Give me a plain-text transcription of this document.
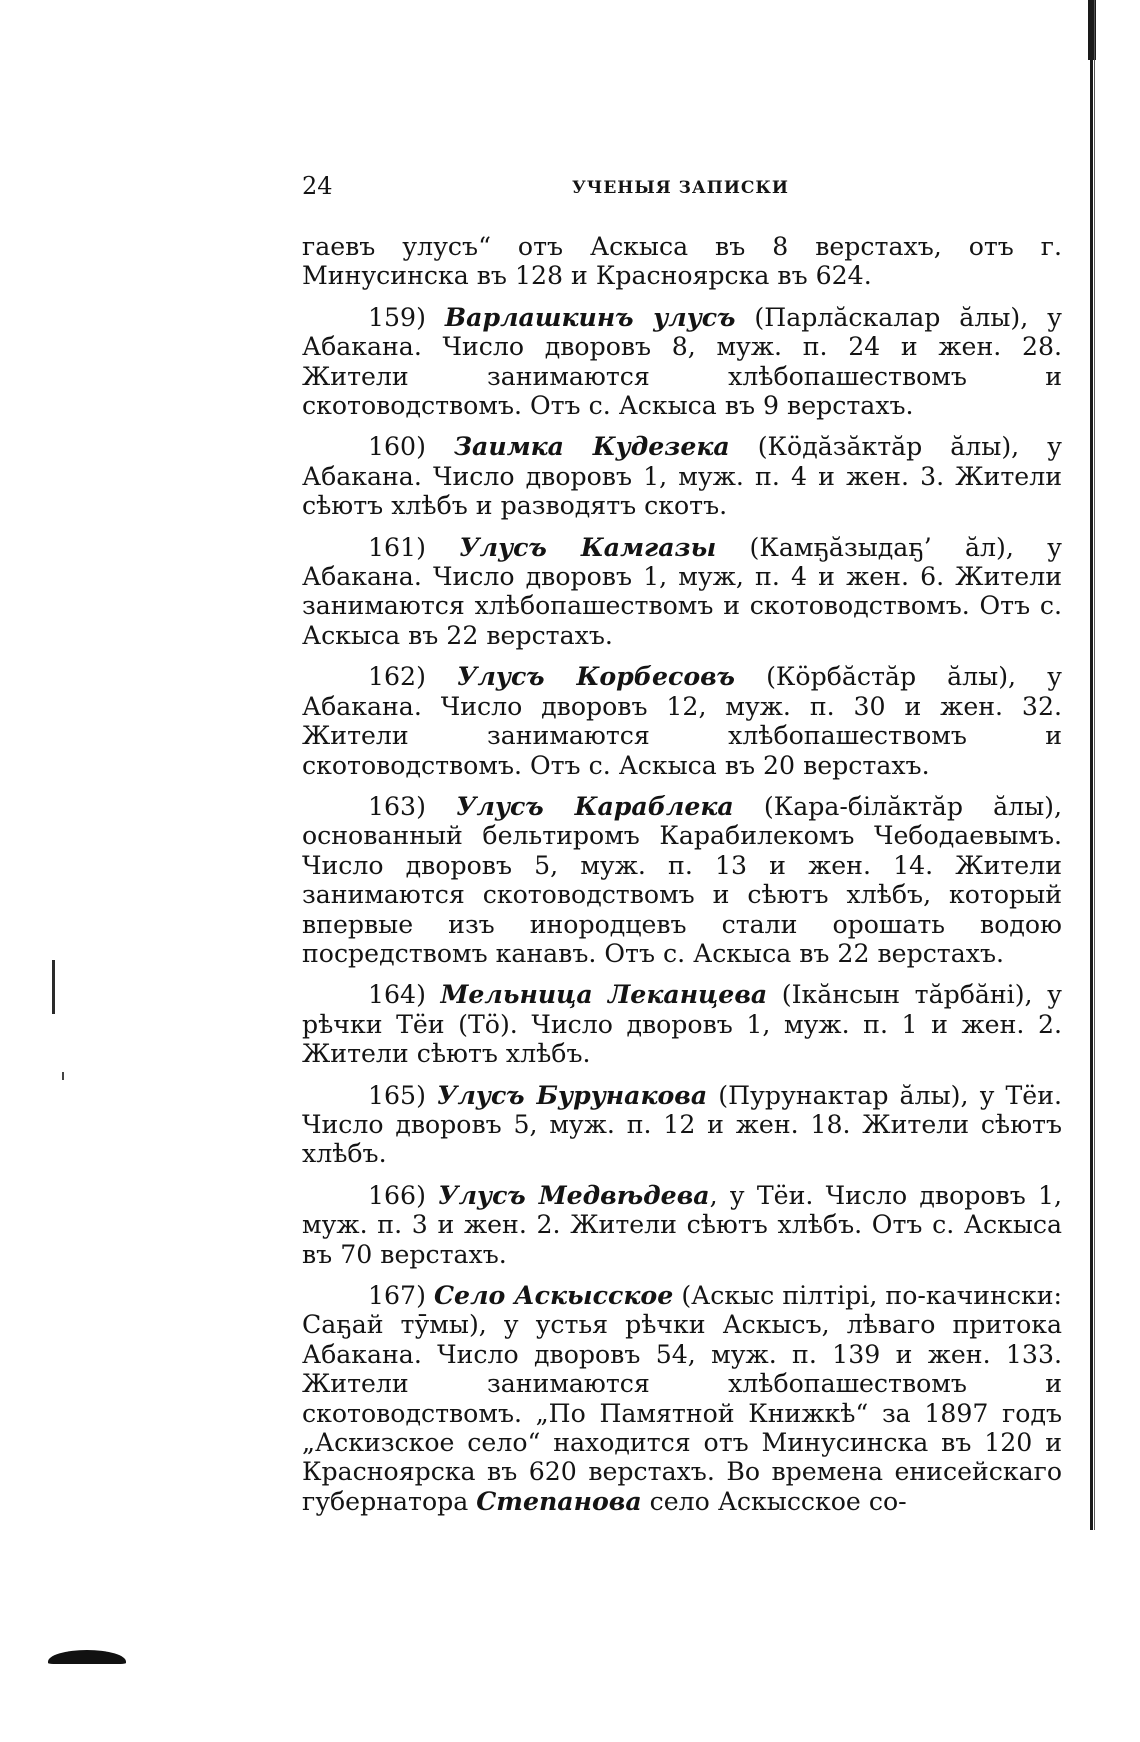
24	УЧЕНЫЯ ЗАПИСКИ

гаевъ улусъ“ отъ Аскыса въ 8 верстахъ, отъ г. Минусинска въ 128 и Красноярска въ 624.

159) Варлашкинъ улусъ (Парлăскалар ăлы), у Абакана. Число дворовъ 8, муж. п. 24 и жен. 28. Жители занимаются хлѣбопашествомъ и скотоводствомъ. Отъ с. Аскыса въ 9 верстахъ.

160) Заимка Кудезека (Кӧдăзăктăр ăлы), у Абакана. Число дворовъ 1, муж. п. 4 и жен. 3. Жители сѣютъ хлѣбъ и разводятъ скотъ.

161) Улусъ Камгазы (Камҕăзыдаҕ’ ăл), у Абакана. Число дворовъ 1, муж, п. 4 и жен. 6. Жители занимаются хлѣбопашествомъ и скотоводствомъ. Отъ с. Аскыса въ 22 верстахъ.

162) Улусъ Корбесовъ (Кӧрбăстăр ăлы), у Абакана. Число дворовъ 12, муж. п. 30 и жен. 32. Жители занимаются хлѣбопашествомъ и скотоводствомъ. Отъ с. Аскыса въ 20 верстахъ.

163) Улусъ Караблека (Кара-бiлăктăр ăлы), основанный бельтиромъ Карабилекомъ Чебодаевымъ. Число дворовъ 5, муж. п. 13 и жен. 14. Жители занимаются скотоводствомъ и сѣютъ хлѣбъ, который впервые изъ инородцевъ стали орошать водою посредствомъ канавъ. Отъ с. Аскыса въ 22 верстахъ.

164) Мельница Леканцева (Iкăнсын тăрбăнi), у рѣчки Тёи (Тӧ). Число дворовъ 1, муж. п. 1 и жен. 2. Жители сѣютъ хлѣбъ.

165) Улусъ Бурунакова (Пурунактар ăлы), у Тёи. Число дворовъ 5, муж. п. 12 и жен. 18. Жители сѣютъ хлѣбъ.

166) Улусъ Медвѣдева, у Тёи. Число дворовъ 1, муж. п. 3 и жен. 2. Жители сѣютъ хлѣбъ. Отъ с. Аскыса въ 70 верстахъ.

167) Село Аскысское (Аскыс пiлтiрi, по-качински: Саҕай тӯмы), у устья рѣчки Аскысъ, лѣваго притока Абакана. Число дворовъ 54, муж. п. 139 и жен. 133. Жители занимаются хлѣбопашествомъ и скотоводствомъ. „По Памятной Книжкѣ“ за 1897 годъ „Аскизское село“ находится отъ Минусинска въ 120 и Красноярска въ 620 верстахъ. Во времена енисейскаго губернатора Степанова село Аскысское со-
